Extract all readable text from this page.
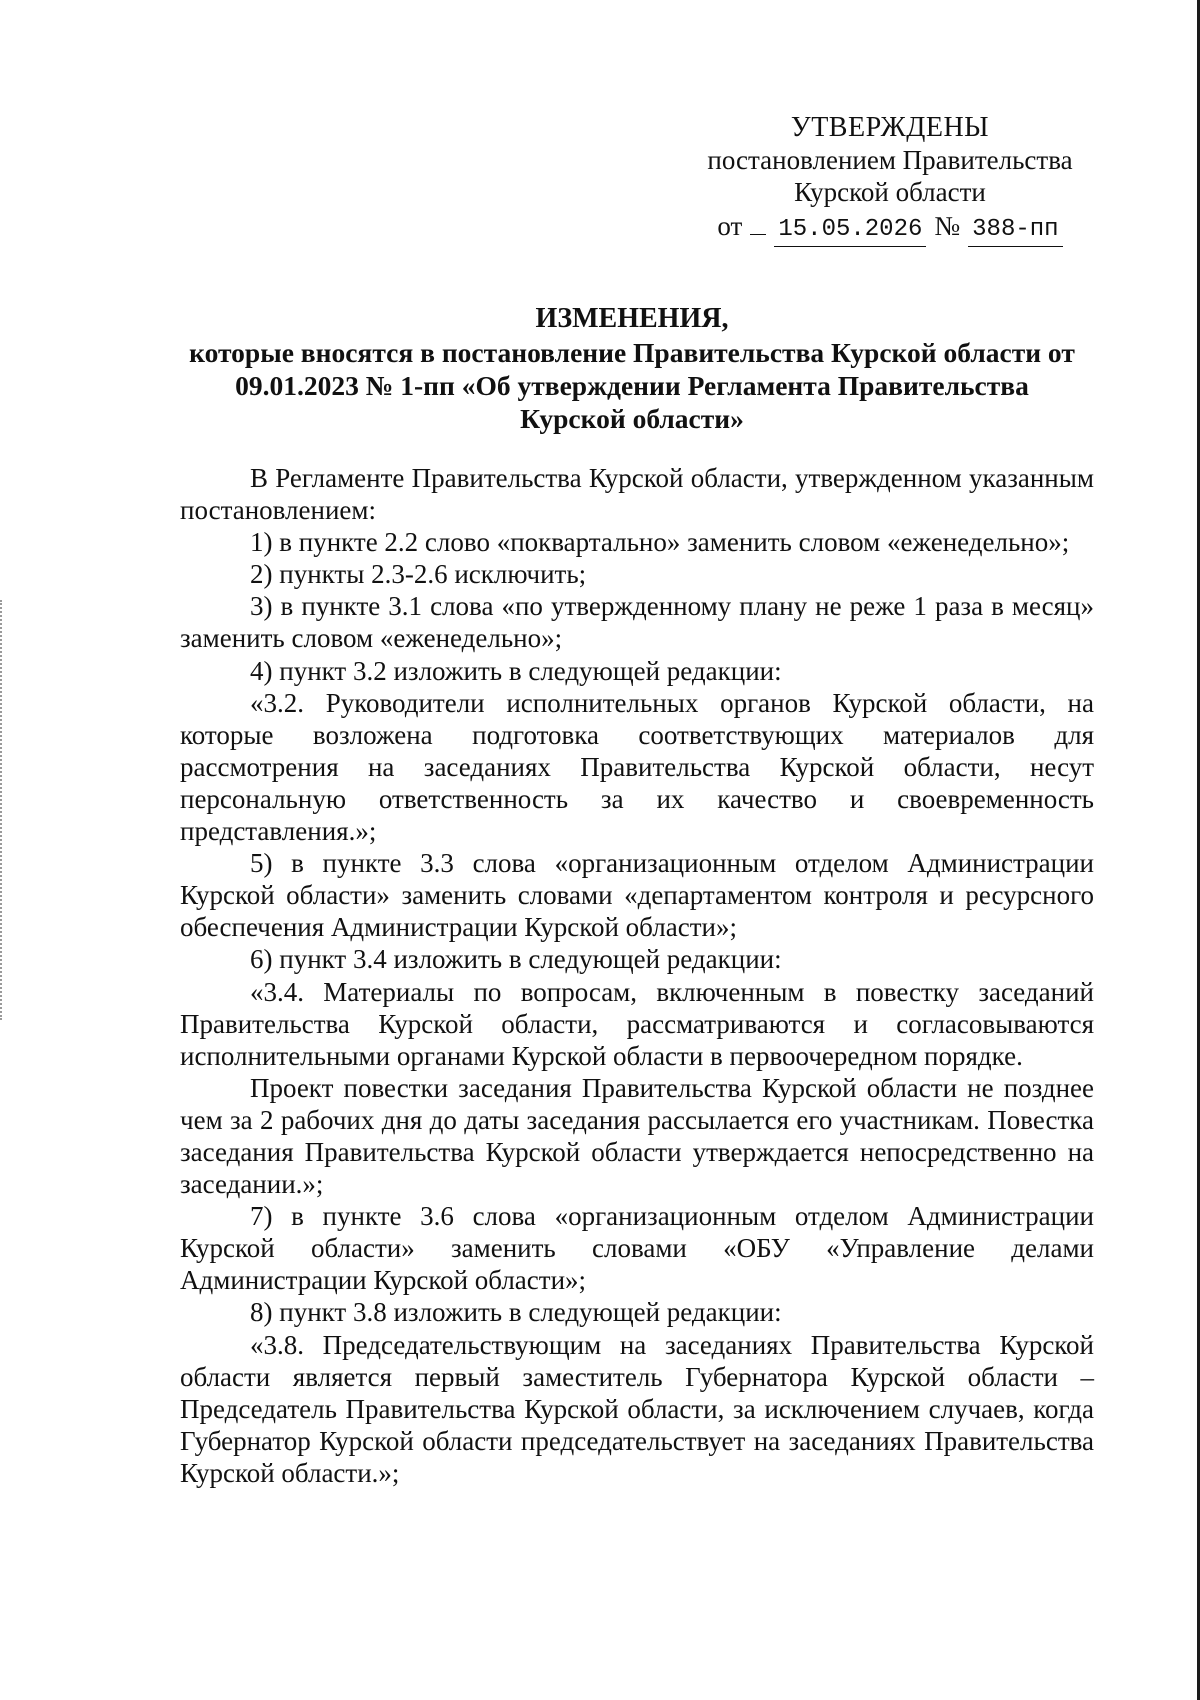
УТВЕРЖДЕНЫ
постановлением Правительства
Курской области
от 15.05.2026 № 388-пп
ИЗМЕНЕНИЯ,
которые вносятся в постановление Правительства Курской области от
09.01.2023 № 1-пп «Об утверждении Регламента Правительства
Курской области»

В Регламенте Правительства Курской области, утвержденном указанным постановлением:

1) в пункте 2.2 слово «поквартально» заменить словом «еженедельно»;

2) пункты 2.3-2.6 исключить;

3) в пункте 3.1 слова «по утвержденному плану не реже 1 раза в месяц» заменить словом «еженедельно»;

4) пункт 3.2 изложить в следующей редакции:

«3.2. Руководители исполнительных органов Курской области, на которые возложена подготовка соответствующих материалов для рассмотрения на заседаниях Правительства Курской области, несут персональную ответственность за их качество и своевременность представления.»;

5) в пункте 3.3 слова «организационным отделом Администрации Курской области» заменить словами «департаментом контроля и ресурсного обеспечения Администрации Курской области»;

6) пункт 3.4 изложить в следующей редакции:

«3.4. Материалы по вопросам, включенным в повестку заседаний Правительства Курской области, рассматриваются и согласовываются исполнительными органами Курской области в первоочередном порядке.

Проект повестки заседания Правительства Курской области не позднее чем за 2 рабочих дня до даты заседания рассылается его участникам. Повестка заседания Правительства Курской области утверждается непосредственно на заседании.»;

7) в пункте 3.6 слова «организационным отделом Администрации Курской области» заменить словами «ОБУ «Управление делами Администрации Курской области»;

8) пункт 3.8 изложить в следующей редакции:

«3.8. Председательствующим на заседаниях Правительства Курской области является первый заместитель Губернатора Курской области – Председатель Правительства Курской области, за исключением случаев, когда Губернатор Курской области председательствует на заседаниях Правительства Курской области.»;
